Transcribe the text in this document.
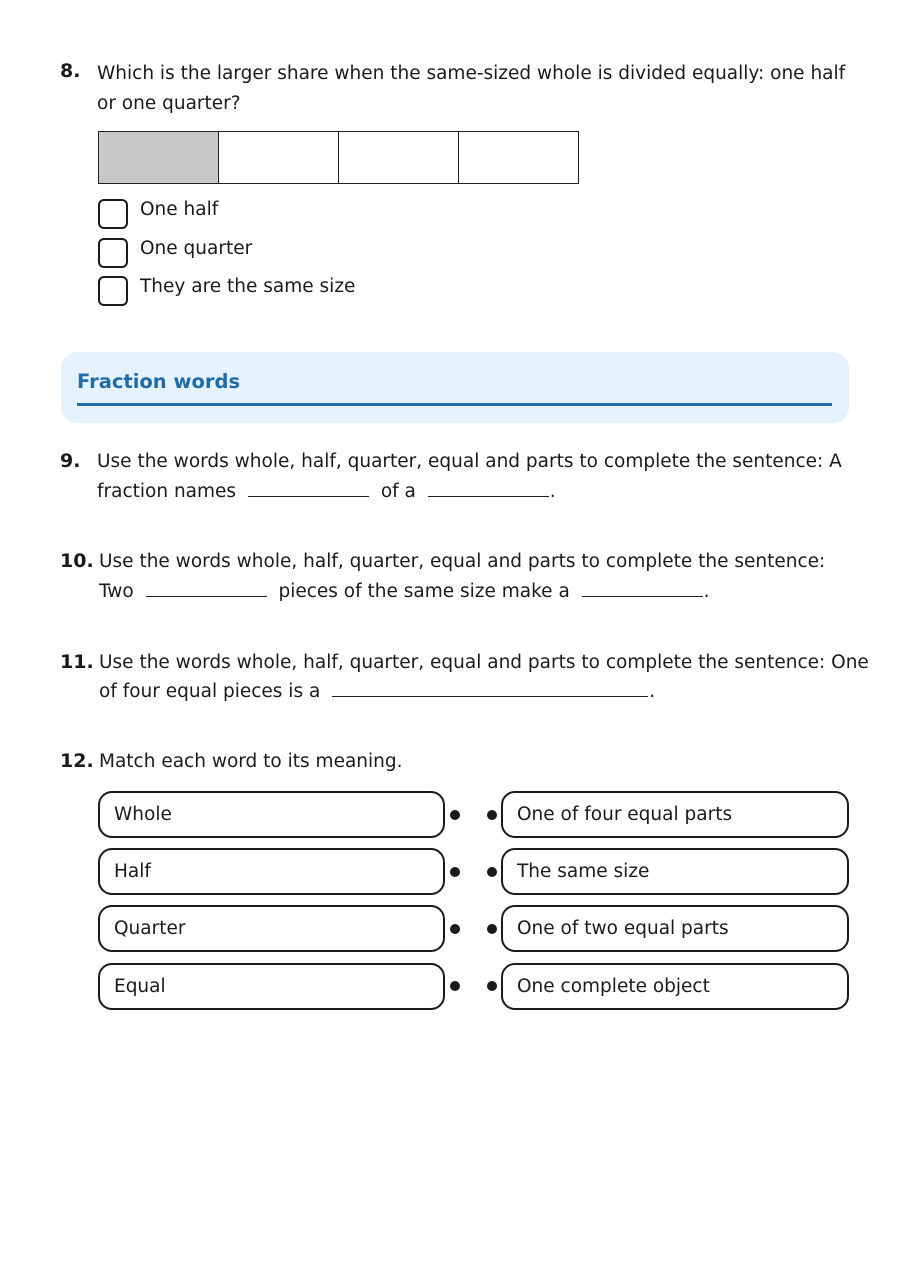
8. Which is the larger share when the same-sized whole is divided equally: one half
or one quarter?
One half
One quarter
They are the same size
Fraction words
9. Use the words whole, half, quarter, equal and parts to complete the sentence: A
fraction names	of a	.
10. Use the words whole, half, quarter, equal and parts to complete the sentence:
Two	pieces of the same size make a	.
11. Use the words whole, half, quarter, equal and parts to complete the sentence: One
of four equal pieces is a	.
12. Match each word to its meaning.
Whole
Half
Quarter
Equal
One of four equal parts
The same size
One of two equal parts
One complete object
